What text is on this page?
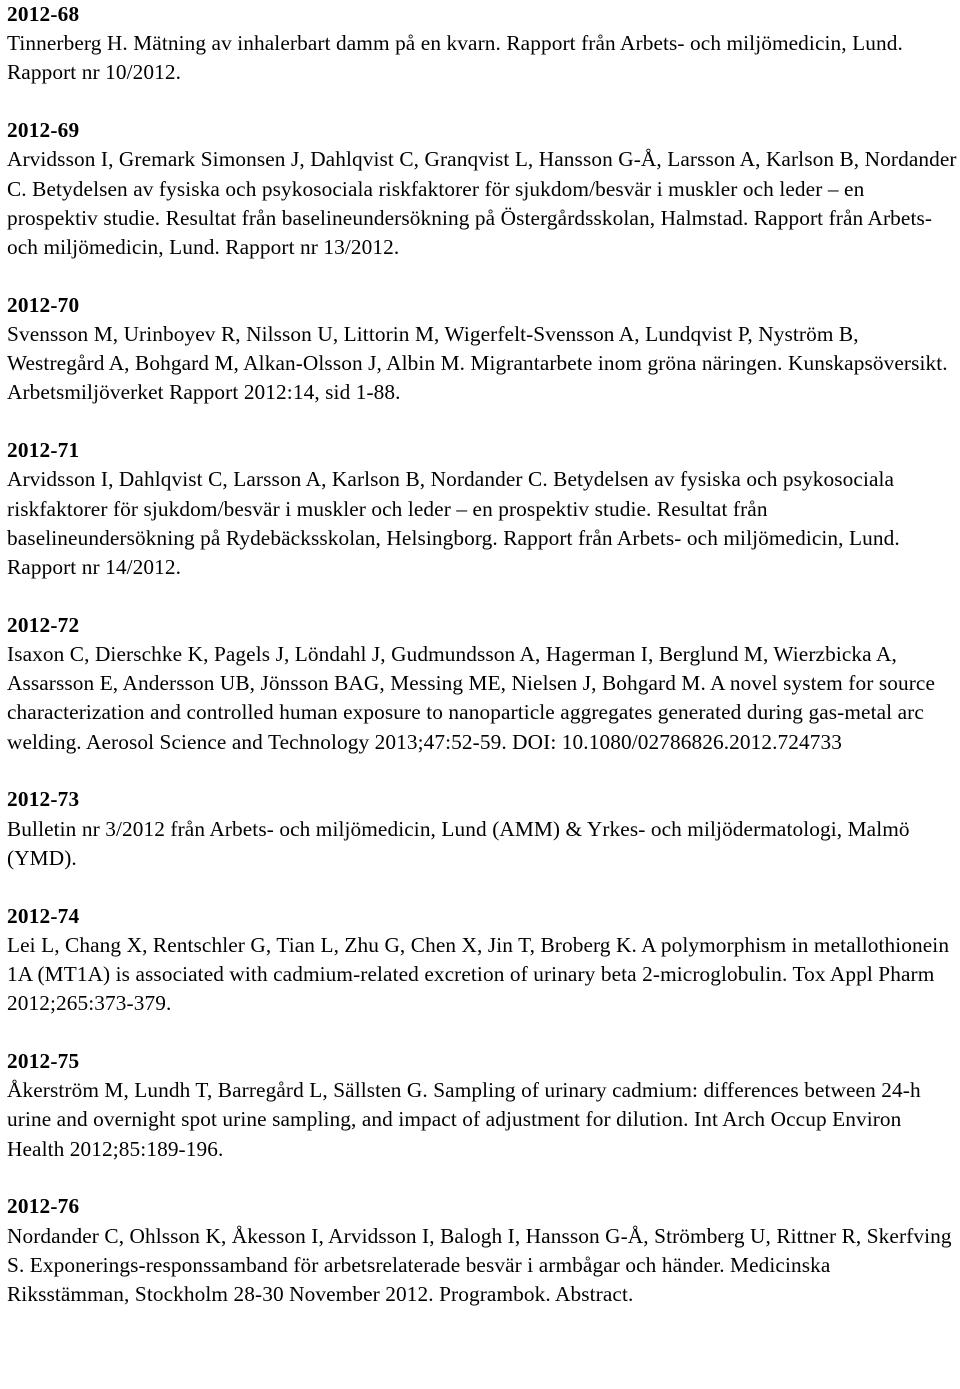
2012-68
Tinnerberg H. Mätning av inhalerbart damm på en kvarn. Rapport från Arbets- och miljömedicin, Lund. Rapport nr 10/2012.
2012-69
Arvidsson I, Gremark Simonsen J, Dahlqvist C, Granqvist L, Hansson G-Å, Larsson A, Karlson B, Nordander C. Betydelsen av fysiska och psykosociala riskfaktorer för sjukdom/besvär i muskler och leder – en prospektiv studie. Resultat från baselineundersökning på Östergårdsskolan, Halmstad. Rapport från Arbets- och miljömedicin, Lund. Rapport nr 13/2012.
2012-70
Svensson M, Urinboyev R, Nilsson U, Littorin M, Wigerfelt-Svensson A, Lundqvist P, Nyström B, Westregård A, Bohgard M, Alkan-Olsson J, Albin M. Migrantarbete inom gröna näringen. Kunskapsöversikt. Arbetsmiljöverket Rapport 2012:14, sid 1-88.
2012-71
Arvidsson I, Dahlqvist C, Larsson A, Karlson B, Nordander C. Betydelsen av fysiska och psykosociala riskfaktorer för sjukdom/besvär i muskler och leder – en prospektiv studie. Resultat från baselineundersökning på Rydebäcksskolan, Helsingborg. Rapport från Arbets- och miljömedicin, Lund. Rapport nr 14/2012.
2012-72
Isaxon C, Dierschke K, Pagels J, Löndahl J, Gudmundsson A, Hagerman I, Berglund M, Wierzbicka A, Assarsson E, Andersson UB, Jönsson BAG, Messing ME, Nielsen J, Bohgard M. A novel system for source characterization and controlled human exposure to nanoparticle aggregates generated during gas-metal arc welding. Aerosol Science and Technology 2013;47:52-59. DOI: 10.1080/02786826.2012.724733
2012-73
Bulletin nr 3/2012 från Arbets- och miljömedicin, Lund (AMM) & Yrkes- och miljödermatologi, Malmö (YMD).
2012-74
Lei L, Chang X, Rentschler G, Tian L, Zhu G, Chen X, Jin T, Broberg K. A polymorphism in metallothionein 1A (MT1A) is associated with cadmium-related excretion of urinary beta 2-microglobulin. Tox Appl Pharm 2012;265:373-379.
2012-75
Åkerström M, Lundh T, Barregård L, Sällsten G. Sampling of urinary cadmium: differences between 24-h urine and overnight spot urine sampling, and impact of adjustment for dilution. Int Arch Occup Environ Health 2012;85:189-196.
2012-76
Nordander C, Ohlsson K, Åkesson I, Arvidsson I, Balogh I, Hansson G-Å, Strömberg U, Rittner R, Skerfving S. Exponerings-responssamband för arbetsrelaterade besvär i armbågar och händer. Medicinska Riksstämman, Stockholm 28-30 November 2012. Programbok. Abstract.
